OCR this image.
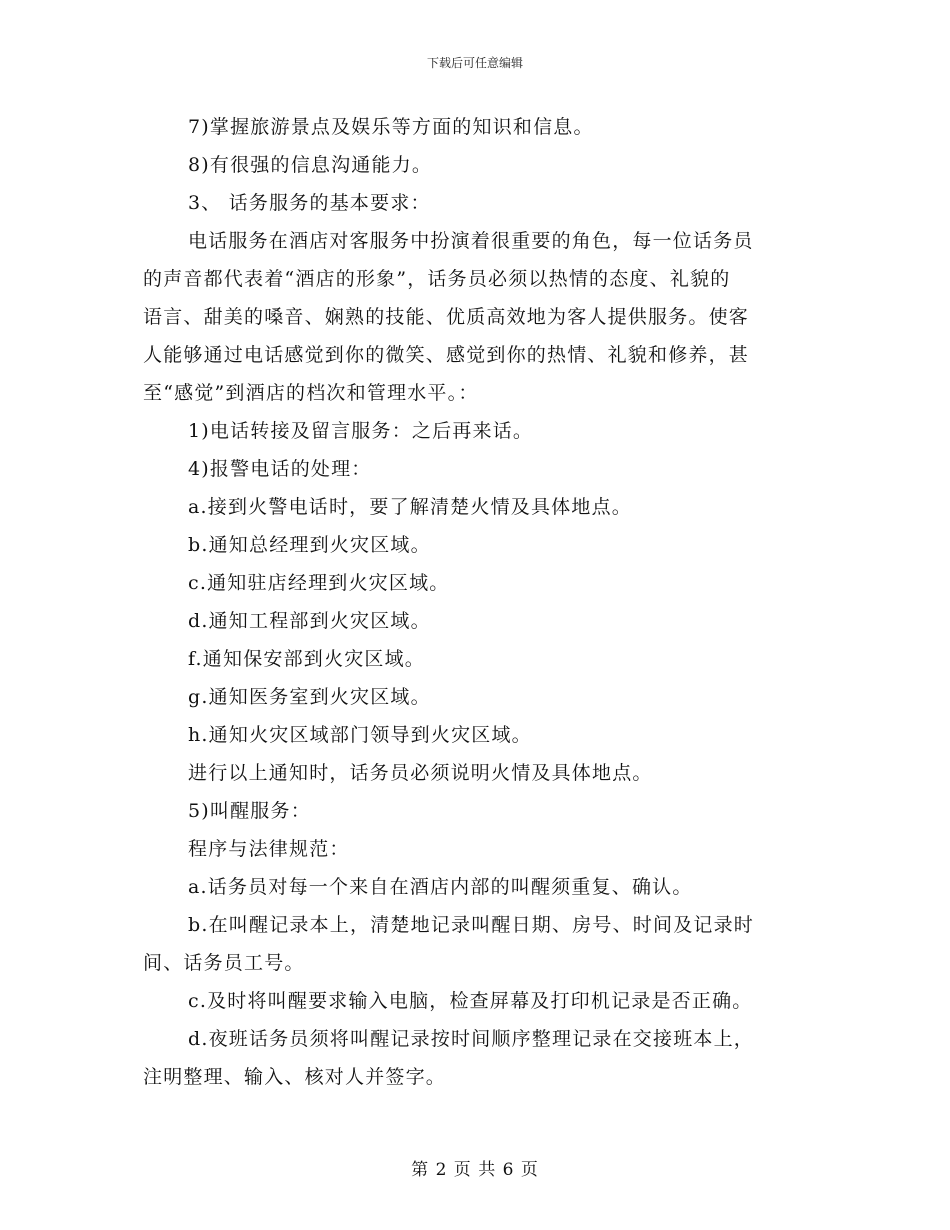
下载后可任意编辑
7)掌握旅游景点及娱乐等方面的知识和信息。
8)有很强的信息沟通能力。
3、 话务服务的基本要求：
电话服务在酒店对客服务中扮演着很重要的角色，每一位话务员
的声音都代表着“酒店的形象”，话务员必须以热情的态度、礼貌的
语言、甜美的嗓音、娴熟的技能、优质高效地为客人提供服务。使客
人能够通过电话感觉到你的微笑、感觉到你的热情、礼貌和修养，甚
至“感觉”到酒店的档次和管理水平。：
1)电话转接及留言服务：之后再来话。
4)报警电话的处理：
a.接到火警电话时，要了解清楚火情及具体地点。
b.通知总经理到火灾区域。
c.通知驻店经理到火灾区域。
d.通知工程部到火灾区域。
f.通知保安部到火灾区域。
g.通知医务室到火灾区域。
h.通知火灾区域部门领导到火灾区域。
进行以上通知时，话务员必须说明火情及具体地点。
5)叫醒服务：
程序与法律规范：
a.话务员对每一个来自在酒店内部的叫醒须重复、确认。
b.在叫醒记录本上，清楚地记录叫醒日期、房号、时间及记录时
间、话务员工号。
c.及时将叫醒要求输入电脑，检查屏幕及打印机记录是否正确。
d.夜班话务员须将叫醒记录按时间顺序整理记录在交接班本上，
注明整理、输入、核对人并签字。
第 2 页 共 6 页
